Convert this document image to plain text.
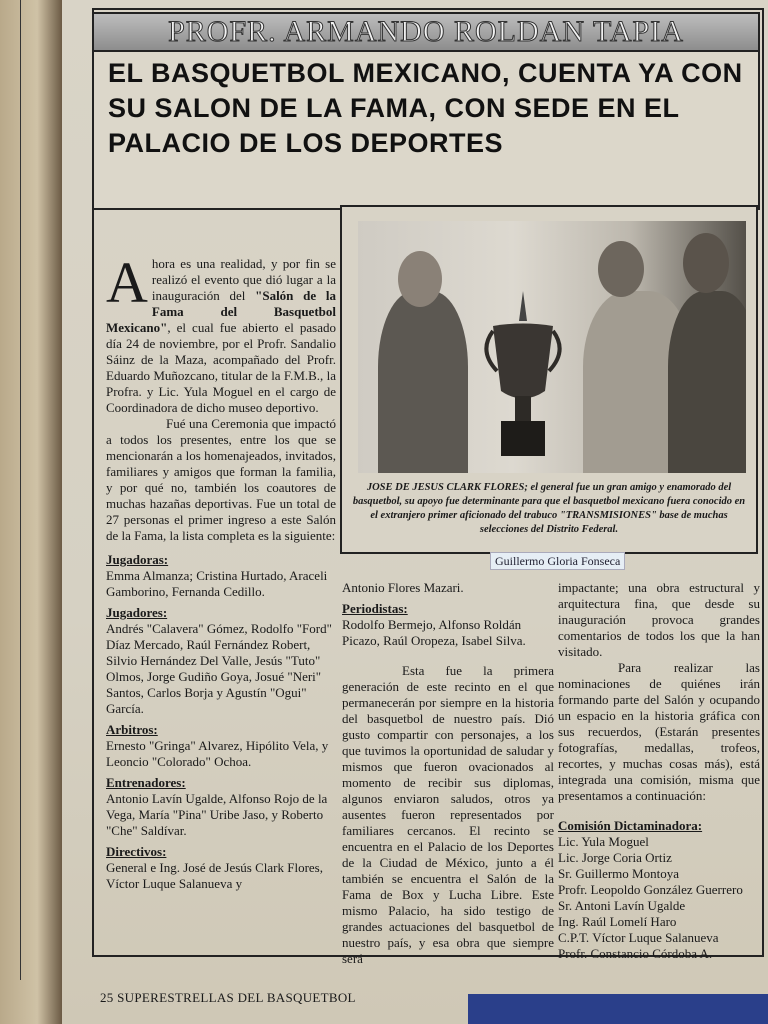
PROFR. ARMANDO ROLDAN TAPIA
EL BASQUETBOL MEXICANO, CUENTA YA CON SU SALON DE LA FAMA, CON SEDE EN EL PALACIO DE LOS DEPORTES
JOSE DE JESUS CLARK FLORES; el general fue un gran amigo y enamorado del basquetbol, su apoyo fue determinante para que el basquetbol mexicano fuera conocido en el extranjero primer aficionado del trabuco "TRANSMISIONES" base de muchas selecciones del Distrito Federal.
Guillermo Gloria Fonseca

Ahora es una realidad, y por fin se realizó el evento que dió lugar a la inauguración del "Salón de la Fama del Basquetbol Mexicano", el cual fue abierto el pasado día 24 de noviembre, por el Profr. Sandalio Sáinz de la Maza, acompañado del Profr. Eduardo Muñozcano, titular de la F.M.B., la Profra. y Lic. Yula Moguel en el cargo de Coordinadora de dicho museo deportivo.

Fué una Ceremonia que impactó a todos los presentes, entre los que se mencionarán a los homenajeados, invitados, familiares y amigos que forman la familia, y por qué no, también los coautores de muchas hazañas deportivas. Fue un total de 27 personas el primer ingreso a este Salón de la Fama, la lista completa es la siguiente:

Jugadoras:

Emma Almanza; Cristina Hurtado, Araceli Gamborino, Fernanda Cedillo.

Jugadores:

Andrés "Calavera" Gómez, Rodolfo "Ford" Díaz Mercado, Raúl Fernández Robert, Silvio Hernández Del Valle, Jesús "Tuto" Olmos, Jorge Gudiño Goya, Josué "Neri" Santos, Carlos Borja y Agustín "Ogui" García.

Arbitros:

Ernesto "Gringa" Alvarez, Hipólito Vela, y Leoncio "Colorado" Ochoa.

Entrenadores:

Antonio Lavín Ugalde, Alfonso Rojo de la Vega, María "Pina" Uribe Jaso, y Roberto "Che" Saldívar.

Directivos:

General e Ing. José de Jesús Clark Flores, Víctor Luque Salanueva y

Antonio Flores Mazari.

Periodistas:

Rodolfo Bermejo, Alfonso Roldán Picazo, Raúl Oropeza, Isabel Silva.

Esta fue la primera generación de este recinto en el que permanecerán por siempre en la historia del basquetbol de nuestro país. Dió gusto compartir con personajes, a los que tuvimos la oportunidad de saludar y mismos que fueron ovacionados al momento de recibir sus diplomas, algunos enviaron saludos, otros ya ausentes fueron representados por familiares cercanos. El recinto se encuentra en el Palacio de los Deportes de la Ciudad de México, junto a él también se encuentra el Salón de la Fama de Box y Lucha Libre. Este mismo Palacio, ha sido testigo de grandes actuaciones del basquetbol de nuestro país, y esa obra que siempre será

impactante; una obra estructural y arquitectura fina, que desde su inauguración provoca grandes comentarios de todos los que la han visitado.

Para realizar las nominaciones de quiénes irán formando parte del Salón y ocupando un espacio en la historia gráfica con sus recuerdos, (Estarán presentes fotografías, medallas, trofeos, recortes, y muchas cosas más), está integrada una comisión, misma que presentamos a continuación:

Comisión Dictaminadora:

Lic. Yula Moguel

Lic. Jorge Coria Ortiz

Sr. Guillermo Montoya

Profr. Leopoldo González Guerrero

Sr. Antoni Lavín Ugalde

Ing. Raúl Lomelí Haro

C.P.T. Víctor Luque Salanueva

Profr. Constancio Córdoba A.

25 SUPERESTRELLAS DEL BASQUETBOL
